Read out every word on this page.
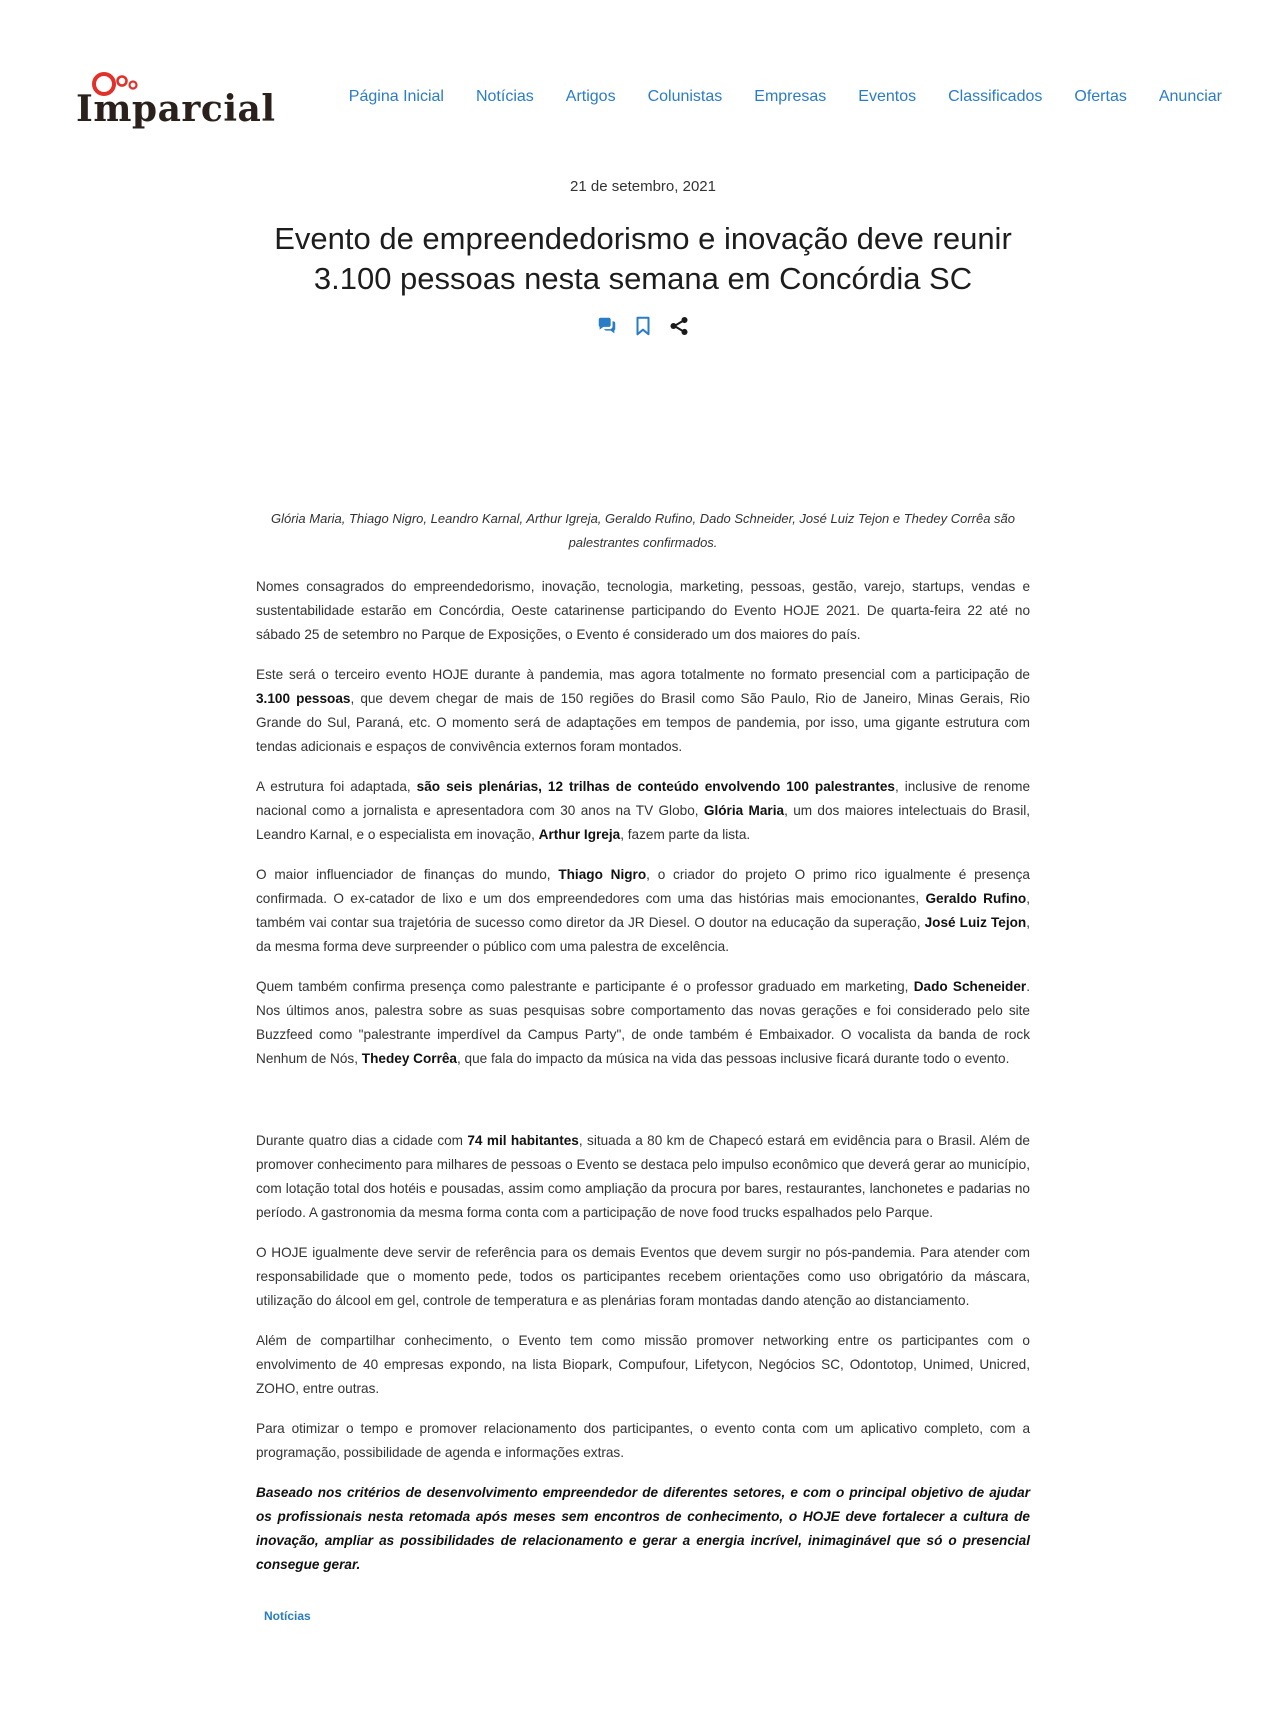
Imparcial	Página Inicial Notícias Artigos Colunistas Empresas Eventos Classificados Ofertas Anunciar
21 de setembro, 2021
Evento de empreendedorismo e inovação deve reunir 3.100 pessoas nesta semana em Concórdia SC

Glória Maria, Thiago Nigro, Leandro Karnal, Arthur Igreja, Geraldo Rufino, Dado Schneider, José Luiz Tejon e Thedey Corrêa são palestrantes confirmados.

Nomes consagrados do empreendedorismo, inovação, tecnologia, marketing, pessoas, gestão, varejo, startups, vendas e sustentabilidade estarão em Concórdia, Oeste catarinense participando do Evento HOJE 2021. De quarta-feira 22 até no sábado 25 de setembro no Parque de Exposições, o Evento é considerado um dos maiores do país.

Este será o terceiro evento HOJE durante à pandemia, mas agora totalmente no formato presencial com a participação de 3.100 pessoas, que devem chegar de mais de 150 regiões do Brasil como São Paulo, Rio de Janeiro, Minas Gerais, Rio Grande do Sul, Paraná, etc. O momento será de adaptações em tempos de pandemia, por isso, uma gigante estrutura com tendas adicionais e espaços de convivência externos foram montados.

A estrutura foi adaptada, são seis plenárias, 12 trilhas de conteúdo envolvendo 100 palestrantes, inclusive de renome nacional como a jornalista e apresentadora com 30 anos na TV Globo, Glória Maria, um dos maiores intelectuais do Brasil, Leandro Karnal, e o especialista em inovação, Arthur Igreja, fazem parte da lista.

O maior influenciador de finanças do mundo, Thiago Nigro, o criador do projeto O primo rico igualmente é presença confirmada. O ex-catador de lixo e um dos empreendedores com uma das histórias mais emocionantes, Geraldo Rufino, também vai contar sua trajetória de sucesso como diretor da JR Diesel. O doutor na educação da superação, José Luiz Tejon, da mesma forma deve surpreender o público com uma palestra de excelência.

Quem também confirma presença como palestrante e participante é o professor graduado em marketing, Dado Scheneider. Nos últimos anos, palestra sobre as suas pesquisas sobre comportamento das novas gerações e foi considerado pelo site Buzzfeed como "palestrante imperdível da Campus Party", de onde também é Embaixador. O vocalista da banda de rock Nenhum de Nós, Thedey Corrêa, que fala do impacto da música na vida das pessoas inclusive ficará durante todo o evento.

Durante quatro dias a cidade com 74 mil habitantes, situada a 80 km de Chapecó estará em evidência para o Brasil. Além de promover conhecimento para milhares de pessoas o Evento se destaca pelo impulso econômico que deverá gerar ao município, com lotação total dos hotéis e pousadas, assim como ampliação da procura por bares, restaurantes, lanchonetes e padarias no período. A gastronomia da mesma forma conta com a participação de nove food trucks espalhados pelo Parque.

O HOJE igualmente deve servir de referência para os demais Eventos que devem surgir no pós-pandemia. Para atender com responsabilidade que o momento pede, todos os participantes recebem orientações como uso obrigatório da máscara, utilização do álcool em gel, controle de temperatura e as plenárias foram montadas dando atenção ao distanciamento.

Além de compartilhar conhecimento, o Evento tem como missão promover networking entre os participantes com o envolvimento de 40 empresas expondo, na lista Biopark, Compufour, Lifetycon, Negócios SC, Odontotop, Unimed, Unicred, ZOHO, entre outras.

Para otimizar o tempo e promover relacionamento dos participantes, o evento conta com um aplicativo completo, com a programação, possibilidade de agenda e informações extras.

Baseado nos critérios de desenvolvimento empreendedor de diferentes setores, e com o principal objetivo de ajudar os profissionais nesta retomada após meses sem encontros de conhecimento, o HOJE deve fortalecer a cultura de inovação, ampliar as possibilidades de relacionamento e gerar a energia incrível, inimaginável que só o presencial consegue gerar.

Notícias
